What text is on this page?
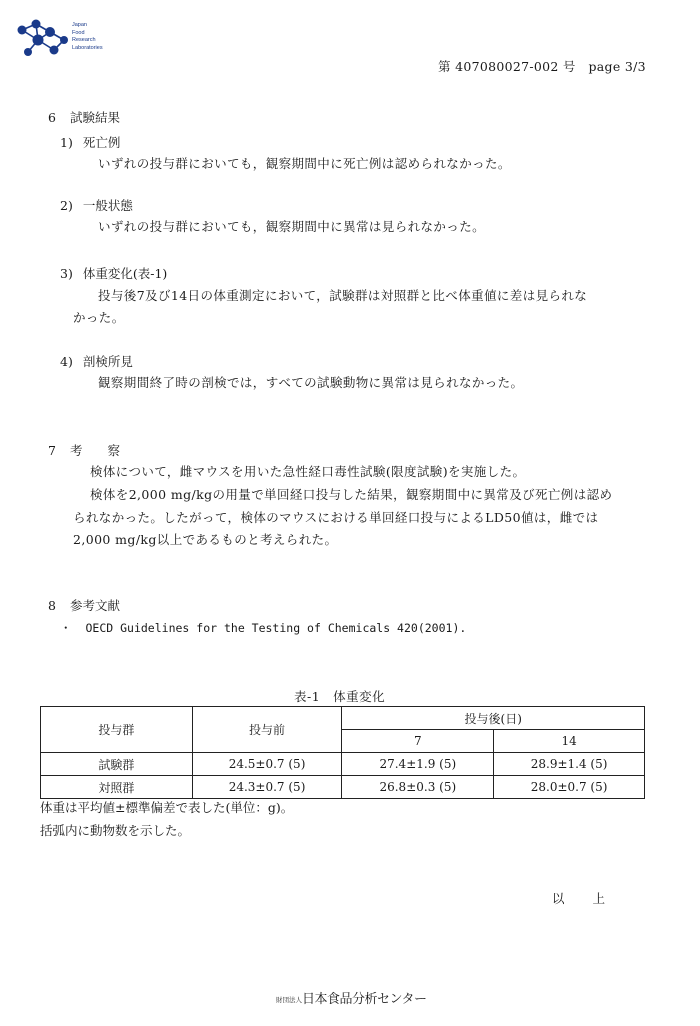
Japan
Food
Research
Laboratories
第 407080027-002 号　page 3/3
6 試験結果
1) 死亡例
いずれの投与群においても，観察期間中に死亡例は認められなかった。
2) 一般状態
いずれの投与群においても，観察期間中に異常は見られなかった。
3) 体重変化(表-1)
投与後7及び14日の体重測定において，試験群は対照群と比べ体重値に差は見られな
かった。
4) 剖検所見
観察期間終了時の剖検では，すべての試験動物に異常は見られなかった。
7 考　　察
検体について，雌マウスを用いた急性経口毒性試験(限度試験)を実施した。
検体を2,000 mg/kgの用量で単回経口投与した結果，観察期間中に異常及び死亡例は認め
られなかった。したがって，検体のマウスにおける単回経口投与によるLD50値は，雌では
2,000 mg/kg以上であるものと考えられた。
8 参考文献
・ OECD Guidelines for the Testing of Chemicals 420(2001).
表-1　体重変化
投与群	投与前	投与後(日)	
		7	14
試験群	24.5±0.7 (5)	27.4±1.9 (5)	28.9±1.4 (5)
対照群	24.3±0.7 (5)	26.8±0.3 (5)	28.0±0.7 (5)
体重は平均値±標準偏差で表した(単位：g)。
括弧内に動物数を示した。
以　　上
財団法人日本食品分析センター
